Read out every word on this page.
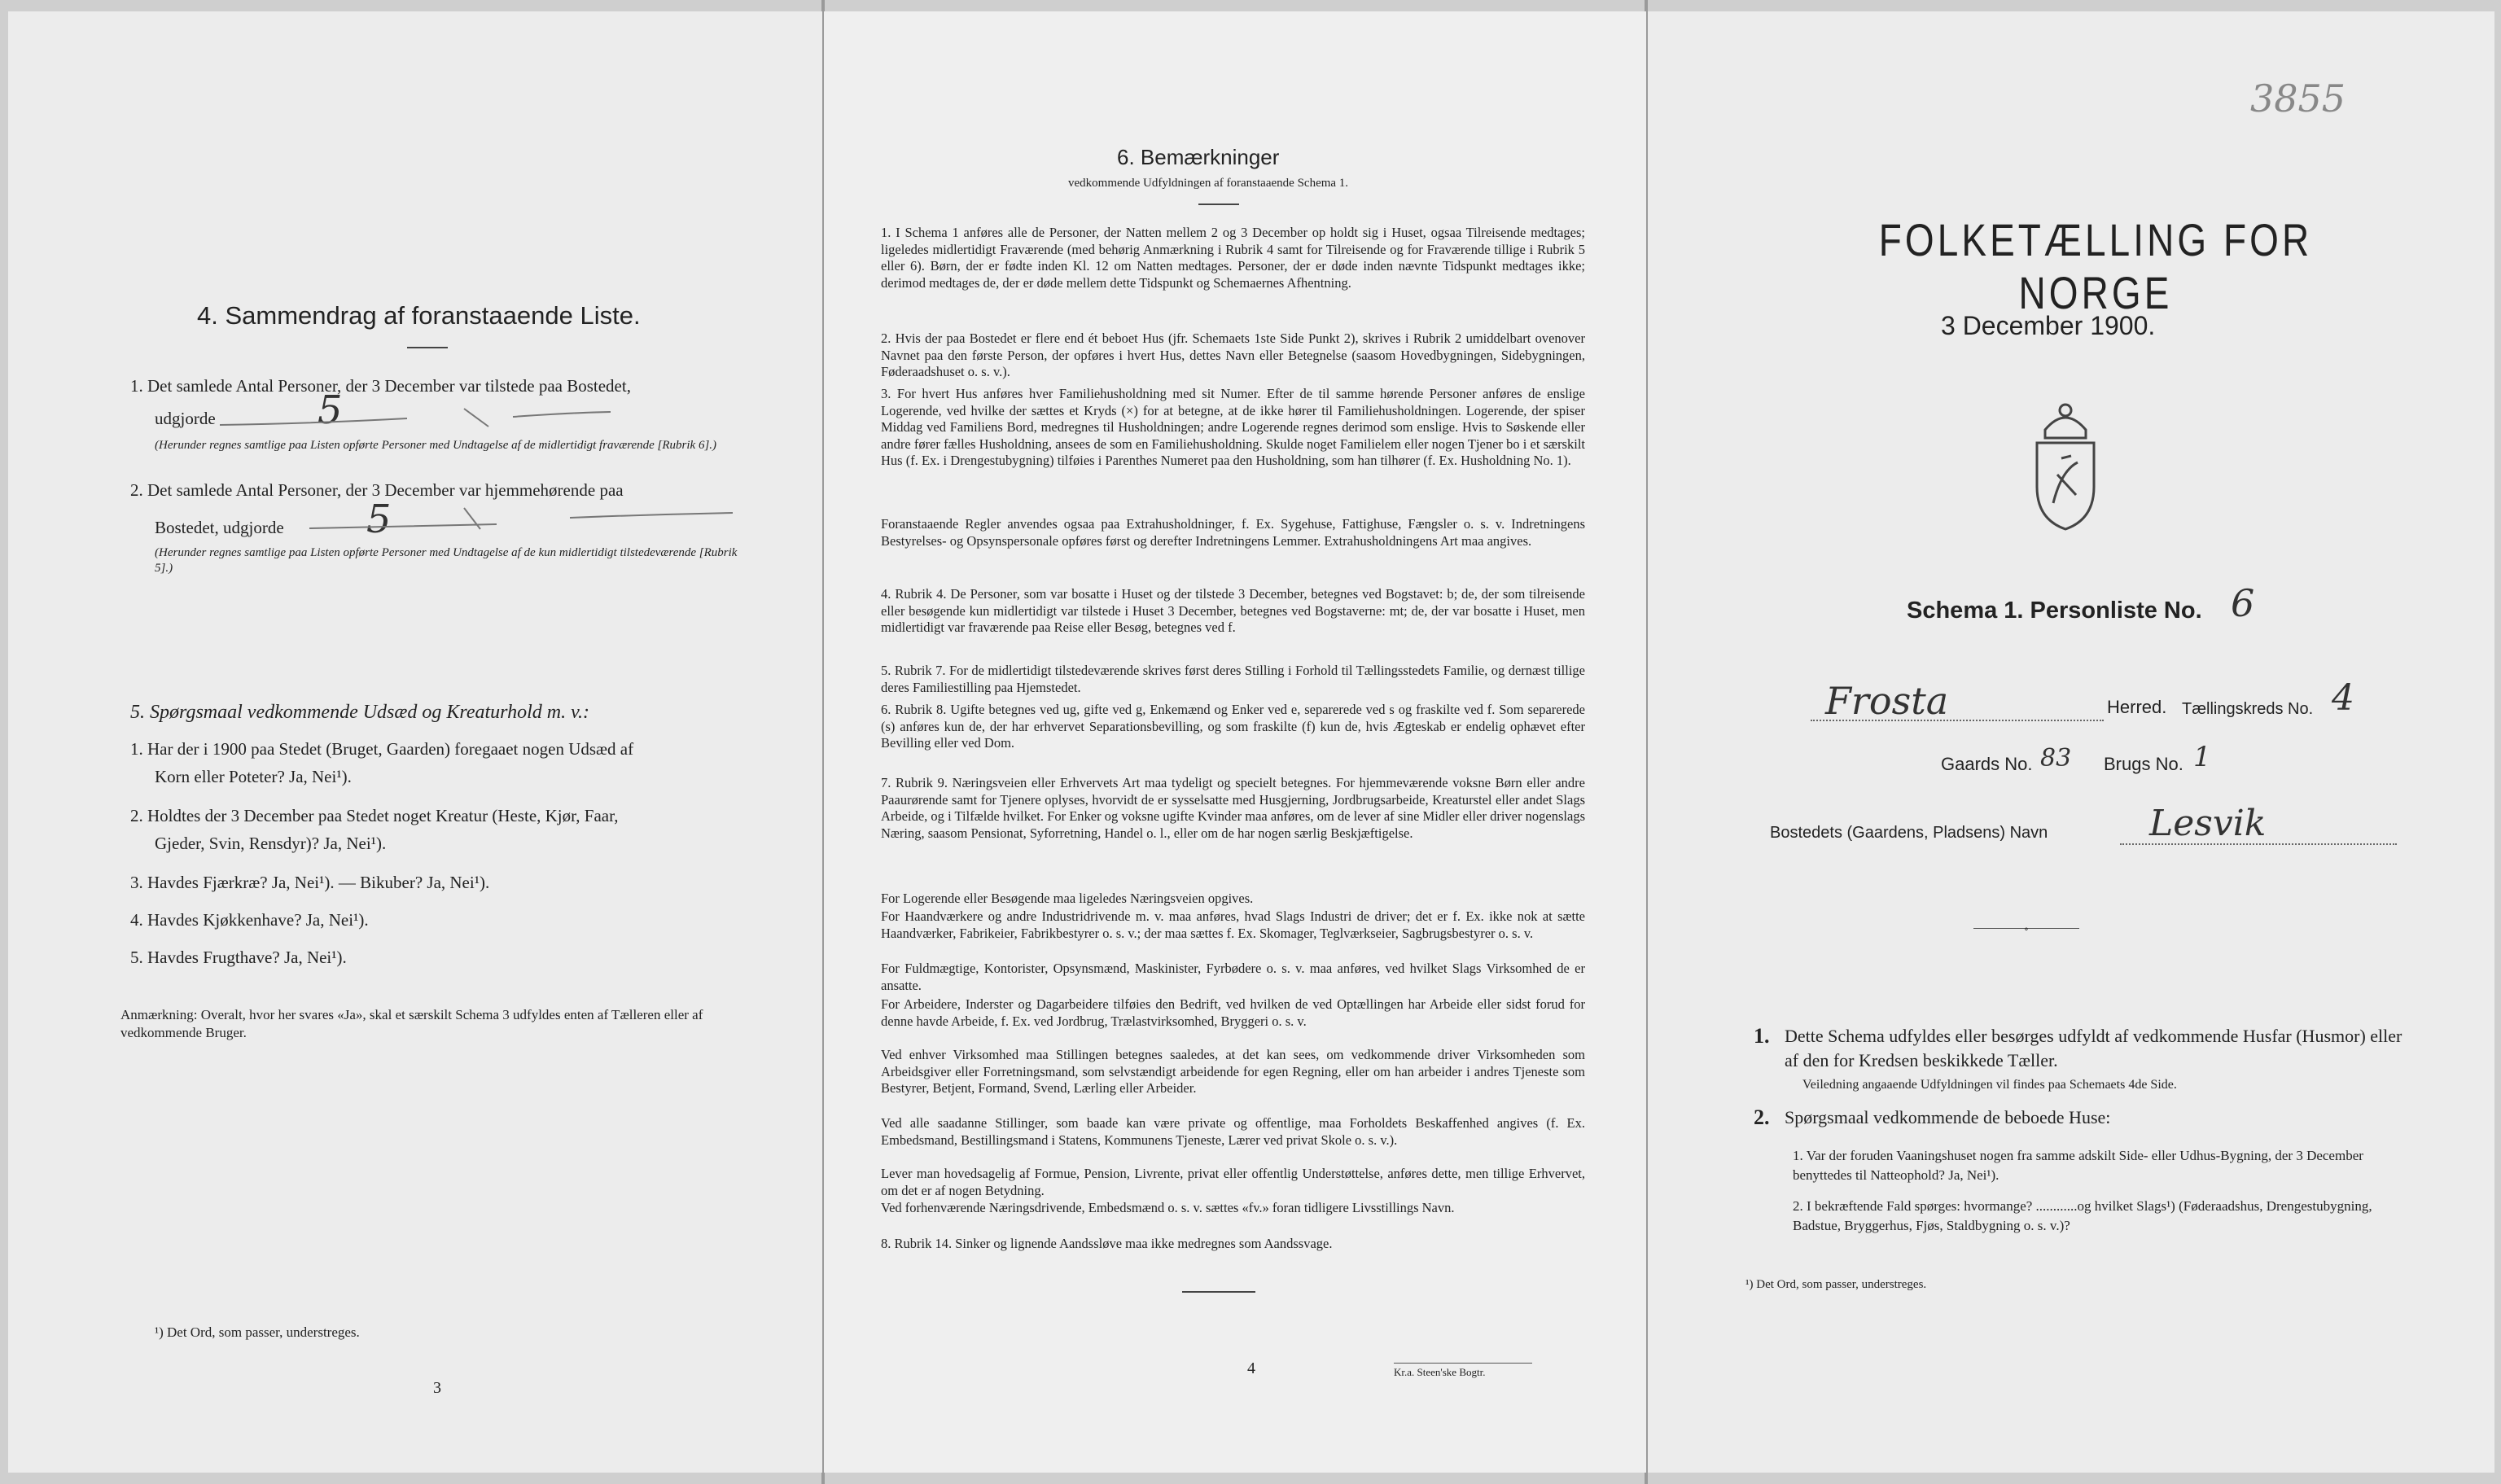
4. Sammendrag af foranstaaende Liste.
1. Det samlede Antal Personer, der 3 December var tilstede paa Bostedet,
udgjorde	5
(Herunder regnes samtlige paa Listen opførte Personer med Undtagelse af de midlertidigt fraværende [Rubrik 6].)
2. Det samlede Antal Personer, der 3 December var hjemmehørende paa
Bostedet, udgjorde 5
(Herunder regnes samtlige paa Listen opførte Personer med Undtagelse af de kun midlertidigt tilstedeværende [Rubrik 5].)
5. Spørgsmaal vedkommende Udsæd og Kreaturhold m. v.:
1. Har der i 1900 paa Stedet (Bruget, Gaarden) foregaaet nogen Udsæd af
Korn eller Poteter? Ja, Nei¹).
2. Holdtes der 3 December paa Stedet noget Kreatur (Heste, Kjør, Faar,
Gjeder, Svin, Rensdyr)? Ja, Nei¹).
3. Havdes Fjærkræ? Ja, Nei¹). — Bikuber? Ja, Nei¹).
4. Havdes Kjøkkenhave? Ja, Nei¹).
5. Havdes Frugthave? Ja, Nei¹).
Anmærkning: Overalt, hvor her svares «Ja», skal et særskilt Schema 3 udfyldes enten af Tælleren eller af vedkommende Bruger.
¹) Det Ord, som passer, understreges.
3
6. Bemærkninger
vedkommende Udfyldningen af foranstaaende Schema 1.
1. I Schema 1 anføres alle de Personer, der Natten mellem 2 og 3 December op holdt sig i Huset, ogsaa Tilreisende medtages; ligeledes midlertidigt Fraværende (med behørig Anmærkning i Rubrik 4 samt for Tilreisende og for Fraværende tillige i Rubrik 5 eller 6). Børn, der er fødte inden Kl. 12 om Natten medtages. Personer, der er døde inden nævnte Tidspunkt medtages ikke; derimod medtages de, der er døde mellem dette Tidspunkt og Schemaernes Afhentning.
2. Hvis der paa Bostedet er flere end ét beboet Hus (jfr. Schemaets 1ste Side Punkt 2), skrives i Rubrik 2 umiddelbart ovenover Navnet paa den første Person, der opføres i hvert Hus, dettes Navn eller Betegnelse (saasom Hovedbygningen, Sidebygningen, Føderaadshuset o. s. v.).
3. For hvert Hus anføres hver Familiehusholdning med sit Numer. Efter de til samme hørende Personer anføres de enslige Logerende, ved hvilke der sættes et Kryds (×) for at betegne, at de ikke hører til Familiehusholdningen. Logerende, der spiser Middag ved Familiens Bord, medregnes til Husholdningen; andre Logerende regnes derimod som enslige. Hvis to Søskende eller andre fører fælles Husholdning, ansees de som en Familiehusholdning. Skulde noget Familielem eller nogen Tjener bo i et særskilt Hus (f. Ex. i Drengestubygning) tilføies i Parenthes Numeret paa den Husholdning, som han tilhører (f. Ex. Husholdning No. 1).
Foranstaaende Regler anvendes ogsaa paa Extrahusholdninger, f. Ex. Sygehuse, Fattighuse, Fængsler o. s. v. Indretningens Bestyrelses- og Opsynspersonale opføres først og derefter Indretningens Lemmer. Extrahusholdningens Art maa angives.
4. Rubrik 4. De Personer, som var bosatte i Huset og der tilstede 3 December, betegnes ved Bogstavet: b; de, der som tilreisende eller besøgende kun midlertidigt var tilstede i Huset 3 December, betegnes ved Bogstaverne: mt; de, der var bosatte i Huset, men midlertidigt var fraværende paa Reise eller Besøg, betegnes ved f.
5. Rubrik 7. For de midlertidigt tilstedeværende skrives først deres Stilling i Forhold til Tællingsstedets Familie, og dernæst tillige deres Familiestilling paa Hjemstedet.
6. Rubrik 8. Ugifte betegnes ved ug, gifte ved g, Enkemænd og Enker ved e, separerede ved s og fraskilte ved f. Som separerede (s) anføres kun de, der har erhvervet Separationsbevilling, og som fraskilte (f) kun de, hvis Ægteskab er endelig ophævet efter Bevilling eller ved Dom.
7. Rubrik 9. Næringsveien eller Erhvervets Art maa tydeligt og specielt betegnes. For hjemmeværende voksne Børn eller andre Paaurørende samt for Tjenere oplyses, hvorvidt de er sysselsatte med Husgjerning, Jordbrugsarbeide, Kreaturstel eller andet Slags Arbeide, og i Tilfælde hvilket. For Enker og voksne ugifte Kvinder maa anføres, om de lever af sine Midler eller driver nogenslags Næring, saasom Pensionat, Syforretning, Handel o. l., eller om de har nogen særlig Beskjæftigelse.
For Logerende eller Besøgende maa ligeledes Næringsveien opgives.
For Haandværkere og andre Industridrivende m. v. maa anføres, hvad Slags Industri de driver; det er f. Ex. ikke nok at sætte Haandværker, Fabrikeier, Fabrikbestyrer o. s. v.; der maa sættes f. Ex. Skomager, Teglværkseier, Sagbrugsbestyrer o. s. v.
For Fuldmægtige, Kontorister, Opsynsmænd, Maskinister, Fyrbødere o. s. v. maa anføres, ved hvilket Slags Virksomhed de er ansatte.
For Arbeidere, Inderster og Dagarbeidere tilføies den Bedrift, ved hvilken de ved Optællingen har Arbeide eller sidst forud for denne havde Arbeide, f. Ex. ved Jordbrug, Trælastvirksomhed, Bryggeri o. s. v.
Ved enhver Virksomhed maa Stillingen betegnes saaledes, at det kan sees, om vedkommende driver Virksomheden som Arbeidsgiver eller Forretningsmand, som selvstændigt arbeidende for egen Regning, eller om han arbeider i andres Tjeneste som Bestyrer, Betjent, Formand, Svend, Lærling eller Arbeider.
Ved alle saadanne Stillinger, som baade kan være private og offentlige, maa Forholdets Beskaffenhed angives (f. Ex. Embedsmand, Bestillingsmand i Statens, Kommunens Tjeneste, Lærer ved privat Skole o. s. v.).
Lever man hovedsagelig af Formue, Pension, Livrente, privat eller offentlig Understøttelse, anføres dette, men tillige Erhvervet, om det er af nogen Betydning.
Ved forhenværende Næringsdrivende, Embedsmænd o. s. v. sættes «fv.» foran tidligere Livsstillings Navn.
8. Rubrik 14. Sinker og lignende Aandssløve maa ikke medregnes som Aandssvage.
4	Kr.a. Steen'ske Bogtr.
3855
FOLKETÆLLING FOR NORGE
3 December 1900.
Schema 1. Personliste No. 6
Frosta	Herred. Tællingskreds No. 4
Gaards No. 83 Brugs No. 1
Bostedets (Gaardens, Pladsens) Navn	Lesvik
∘
1. Dette Schema udfyldes eller besørges udfyldt af vedkommende Husfar (Husmor) eller af den for Kredsen beskikkede Tæller.
Veiledning angaaende Udfyldningen vil findes paa Schemaets 4de Side.
2. Spørgsmaal vedkommende de beboede Huse:
1. Var der foruden Vaaningshuset nogen fra samme adskilt Side- eller Udhus-Bygning, der 3 December benyttedes til Natteophold? Ja, Nei¹).
2. I bekræftende Fald spørges: hvormange? ............og hvilket Slags¹) (Føderaadshus, Drengestubygning, Badstue, Bryggerhus, Fjøs, Staldbygning o. s. v.)?
¹) Det Ord, som passer, understreges.
